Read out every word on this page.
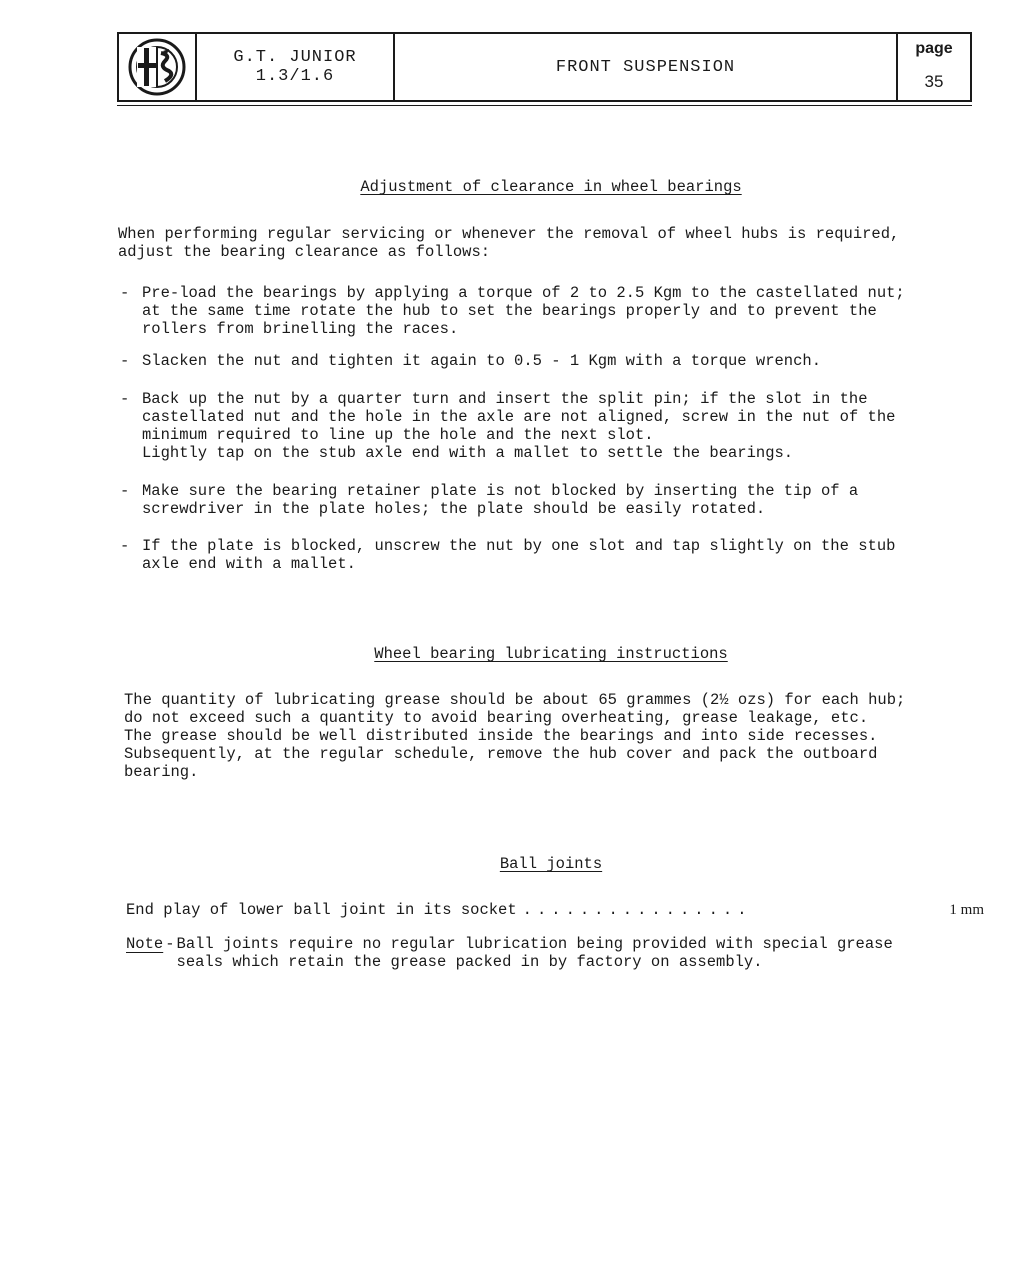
G.T. JUNIOR
1.3/1.6	FRONT SUSPENSION
page
35
Adjustment of clearance in wheel bearings
When performing regular servicing or whenever the removal of wheel hubs is required,
adjust the bearing clearance as follows:
- Pre-load the bearings by applying a torque of 2 to 2.5 Kgm to the castellated nut;
at the same time rotate the hub to set the bearings properly and to prevent the
rollers from brinelling the races.
- Slacken the nut and tighten it again to 0.5 - 1 Kgm with a torque wrench.
- Back up the nut by a quarter turn and insert the split pin; if the slot in the
castellated nut and the hole in the axle are not aligned, screw in the nut of the
minimum required to line up the hole and the next slot.
Lightly tap on the stub axle end with a mallet to settle the bearings.
- Make sure the bearing retainer plate is not blocked by inserting the tip of a
screwdriver in the plate holes; the plate should be easily rotated.
- If the plate is blocked, unscrew the nut by one slot and tap slightly on the stub
axle end with a mallet.
Wheel bearing lubricating instructions
The quantity of lubricating grease should be about 65 grammes (2½ ozs) for each hub;
do not exceed such a quantity to avoid bearing overheating, grease leakage, etc.
The grease should be well distributed inside the bearings and into side recesses.
Subsequently, at the regular schedule, remove the hub cover and pack the outboard
bearing.
Ball joints
End play of lower ball joint in its socket ................	1 mm
Note - Ball joints require no regular lubrication being provided with special grease
seals which retain the grease packed in by factory on assembly.
